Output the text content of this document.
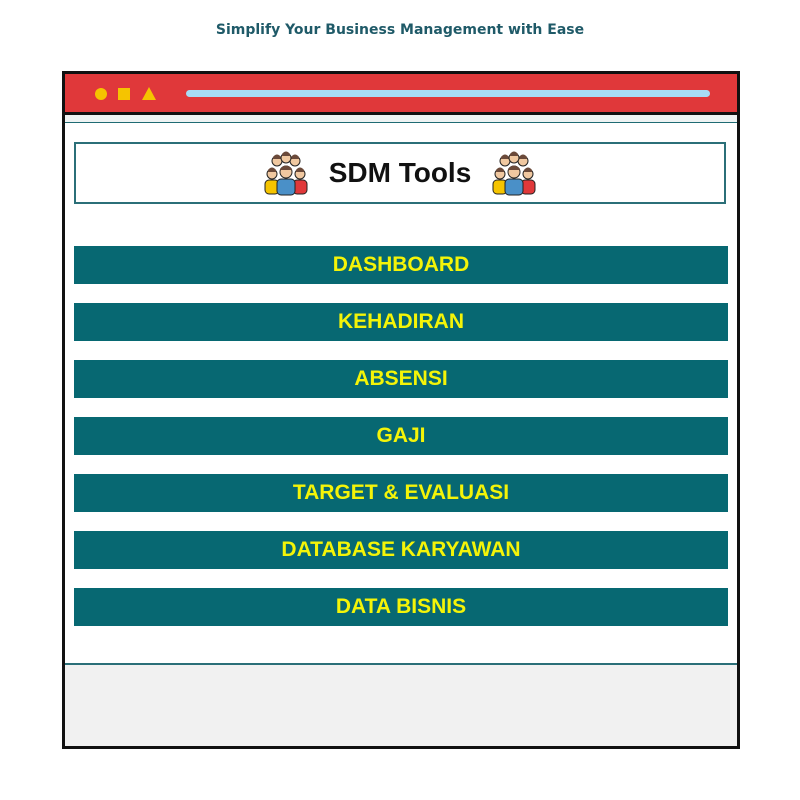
Simplify Your Business Management with Ease
SDM Tools
DASHBOARD
KEHADIRAN
ABSENSI
GAJI
TARGET & EVALUASI
DATABASE KARYAWAN
DATA BISNIS
